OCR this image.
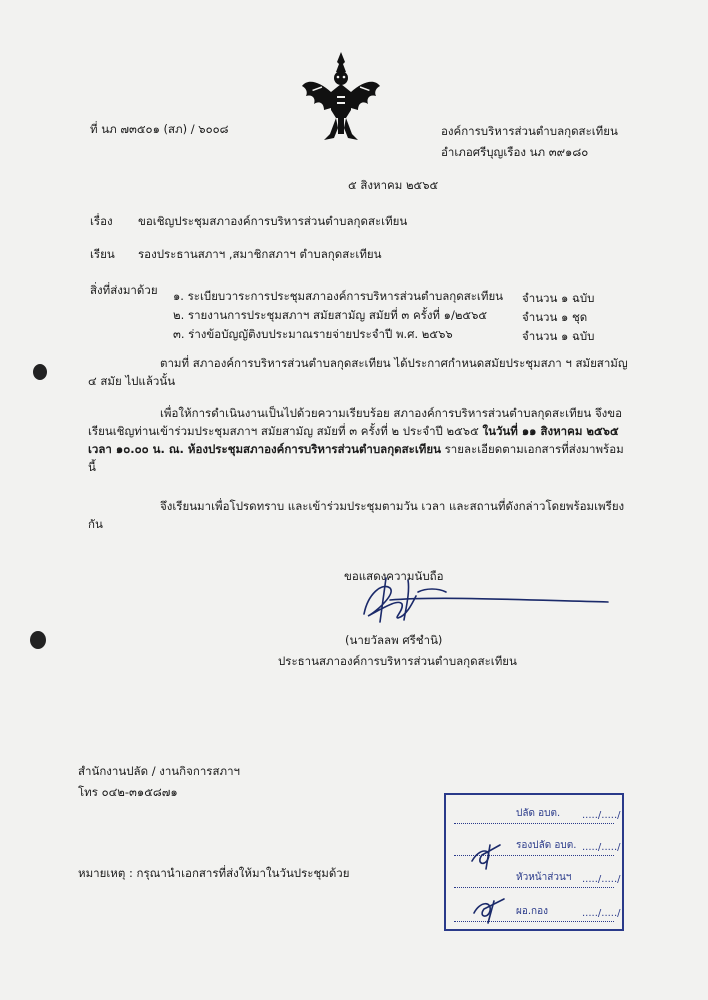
ที่ นภ ๗๓๕๐๑ (สภ) / ๖๐๐๘	องค์การบริหารส่วนตำบลกุดสะเทียน
อำเภอศรีบุญเรือง นภ ๓๙๑๘๐
๕ สิงหาคม ๒๕๖๕
เรื่อง ขอเชิญประชุมสภาองค์การบริหารส่วนตำบลกุดสะเทียน
เรียน รองประธานสภาฯ ,สมาชิกสภาฯ ตำบลกุดสะเทียน
สิ่งที่ส่งมาด้วย ๑. ระเบียบวาระการประชุมสภาองค์การบริหารส่วนตำบลกุดสะเทียน จำนวน ๑ ฉบับ
๒. รายงานการประชุมสภาฯ สมัยสามัญ สมัยที่ ๓ ครั้งที่ ๑/๒๕๖๕	จำนวน ๑ ชุด
๓. ร่างข้อบัญญัติงบประมาณรายจ่ายประจำปี พ.ศ. ๒๕๖๖	จำนวน ๑ ฉบับ
ตามที่ สภาองค์การบริหารส่วนตำบลกุดสะเทียน ได้ประกาศกำหนดสมัยประชุมสภา ฯ สมัยสามัญ ๔ สมัย ไปแล้วนั้น
เพื่อให้การดำเนินงานเป็นไปด้วยความเรียบร้อย สภาองค์การบริหารส่วนตำบลกุดสะเทียน จึงขอเรียนเชิญท่านเข้าร่วมประชุมสภาฯ สมัยสามัญ สมัยที่ ๓ ครั้งที่ ๒ ประจำปี ๒๕๖๕ ในวันที่ ๑๑ สิงหาคม ๒๕๖๕ เวลา ๑๐.๐๐ น. ณ. ห้องประชุมสภาองค์การบริหารส่วนตำบลกุดสะเทียน รายละเอียดตามเอกสารที่ส่งมาพร้อมนี้
จึงเรียนมาเพื่อโปรดทราบ และเข้าร่วมประชุมตามวัน เวลา และสถานที่ดังกล่าวโดยพร้อมเพรียงกัน
ขอแสดงความนับถือ
(นายวัลลพ ศรีชำนิ)
ประธานสภาองค์การบริหารส่วนตำบลกุดสะเทียน
สำนักงานปลัด / งานกิจการสภาฯ
โทร ๐๔๒-๓๑๕๘๗๑
หมายเหตุ : กรุณานำเอกสารที่ส่งให้มาในวันประชุมด้วย
ปลัด อบต. ...../...../
รองปลัด อบต. ...../...../
หัวหน้าส่วนฯ ...../...../
ผอ.กอง	...../...../
